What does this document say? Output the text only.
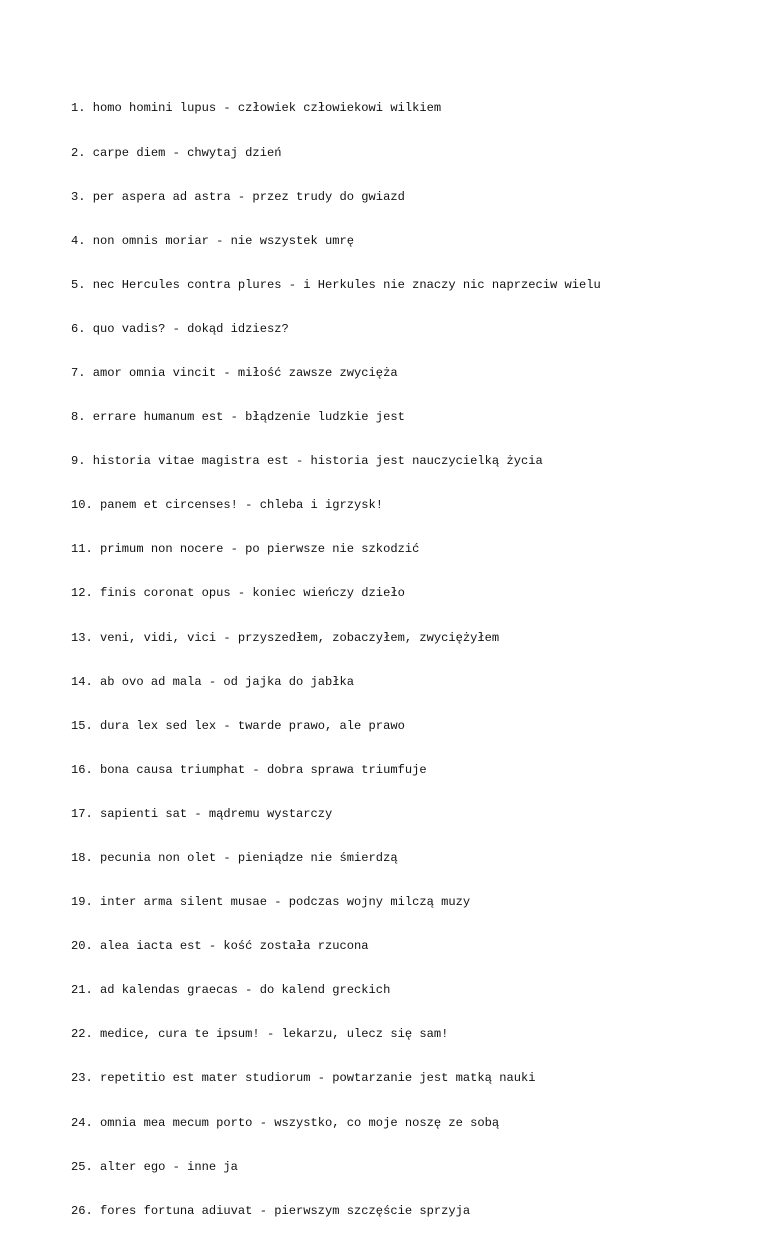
1. homo homini lupus - człowiek człowiekowi wilkiem

2. carpe diem - chwytaj dzień

3. per aspera ad astra - przez trudy do gwiazd

4. non omnis moriar - nie wszystek umrę

5. nec Hercules contra plures - i Herkules nie znaczy nic naprzeciw wielu

6. quo vadis? - dokąd idziesz?

7. amor omnia vincit - miłość zawsze zwycięża

8. errare humanum est - błądzenie ludzkie jest

9. historia vitae magistra est - historia jest nauczycielką życia

10. panem et circenses! - chleba i igrzysk!

11. primum non nocere - po pierwsze nie szkodzić

12. finis coronat opus - koniec wieńczy dzieło

13. veni, vidi, vici - przyszedłem, zobaczyłem, zwyciężyłem

14. ab ovo ad mala - od jajka do jabłka

15. dura lex sed lex - twarde prawo, ale prawo

16. bona causa triumphat - dobra sprawa triumfuje

17. sapienti sat - mądremu wystarczy

18. pecunia non olet - pieniądze nie śmierdzą

19. inter arma silent musae - podczas wojny milczą muzy

20. alea iacta est - kość została rzucona

21. ad kalendas graecas - do kalend greckich

22. medice, cura te ipsum! - lekarzu, ulecz się sam!

23. repetitio est mater studiorum - powtarzanie jest matką nauki

24. omnia mea mecum porto - wszystko, co moje noszę ze sobą

25. alter ego - inne ja

26. fores fortuna adiuvat - pierwszym szczęście sprzyja
